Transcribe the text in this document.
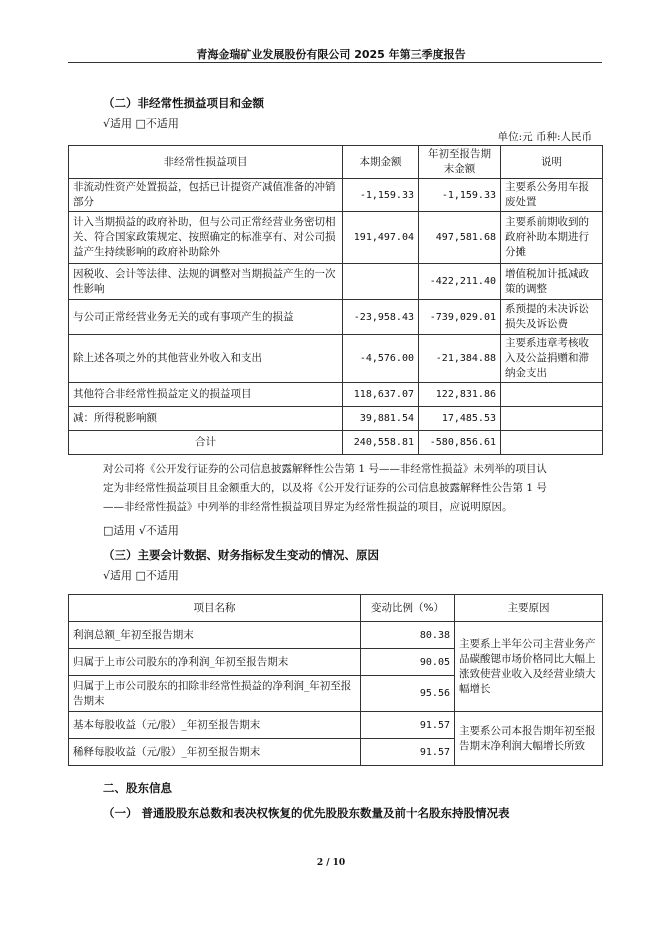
青海金瑞矿业发展股份有限公司 2025 年第三季度报告
（二）非经常性损益项目和金额
√适用 □不适用
单位:元 币种:人民币
非经常性损益项目	本期金额	年初至报告期末金额	说明
非流动性资产处置损益，包括已计提资产减值准备的冲销部分	-1,159.33	-1,159.33	主要系公务用车报废处置
计入当期损益的政府补助，但与公司正常经营业务密切相关、符合国家政策规定、按照确定的标准享有、对公司损益产生持续影响的政府补助除外	191,497.04	497,581.68	主要系前期收到的政府补助本期进行分摊
因税收、会计等法律、法规的调整对当期损益产生的一次性影响		-422,211.40	增值税加计抵减政策的调整
与公司正常经营业务无关的或有事项产生的损益	-23,958.43	-739,029.01	系预提的未决诉讼损失及诉讼费
除上述各项之外的其他营业外收入和支出	-4,576.00	-21,384.88	主要系违章考核收入及公益捐赠和滞纳金支出
其他符合非经常性损益定义的损益项目	118,637.07	122,831.86	
减：所得税影响额	39,881.54	17,485.53	
合计	240,558.81	-580,856.61	
对公司将《公开发行证券的公司信息披露解释性公告第 1 号——非经常性损益》未列举的项目认
定为非经常性损益项目且金额重大的，以及将《公开发行证券的公司信息披露解释性公告第 1 号
——非经常性损益》中列举的非经常性损益项目界定为经常性损益的项目，应说明原因。
□适用 √不适用
（三）主要会计数据、财务指标发生变动的情况、原因
√适用 □不适用
项目名称	变动比例（%）	主要原因
利润总额_年初至报告期末	80.38	主要系上半年公司主营业务产品碳酸锶市场价格同比大幅上涨致使营业收入及经营业绩大幅增长
归属于上市公司股东的净利润_年初至报告期末	90.05	
归属于上市公司股东的扣除非经常性损益的净利润_年初至报告期末	95.56	
基本每股收益（元/股）_年初至报告期末	91.57	主要系公司本报告期年初至报告期末净利润大幅增长所致
稀释每股收益（元/股）_年初至报告期末	91.57	
二、股东信息
（一） 普通股股东总数和表决权恢复的优先股股东数量及前十名股东持股情况表
2 / 10
